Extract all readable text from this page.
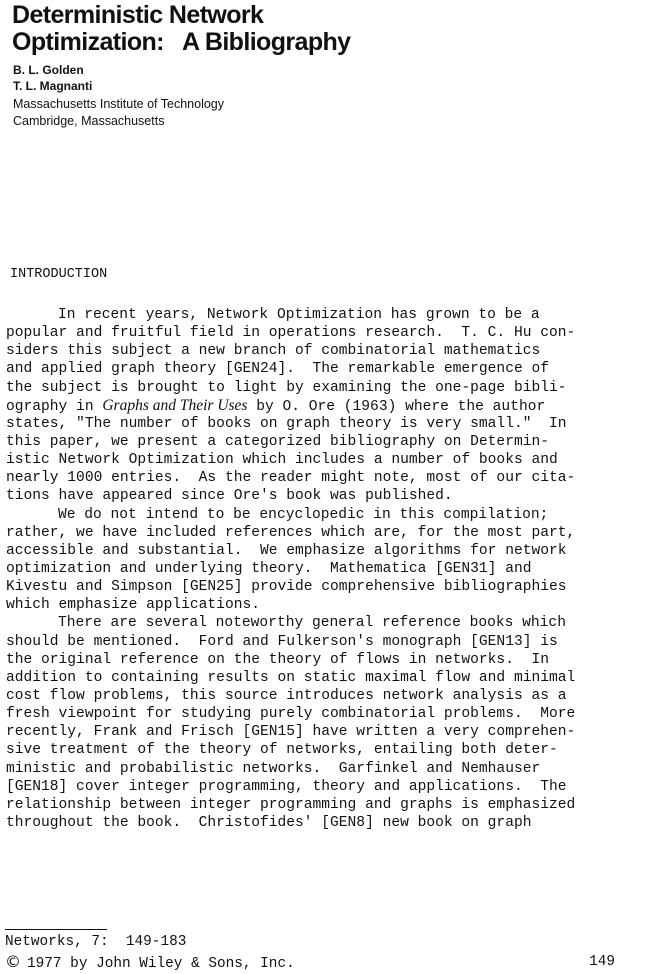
Deterministic Network
Optimization:   A Bibliography
B. L. Golden
T. L. Magnanti
Massachusetts Institute of Technology
Cambridge, Massachusetts
INTRODUCTION
In recent years, Network Optimization has grown to be a
popular and fruitful field in operations research.  T. C. Hu con-
siders this subject a new branch of combinatorial mathematics
and applied graph theory [GEN24].  The remarkable emergence of
the subject is brought to light by examining the one-page bibli-
ography in Graphs and Their Uses by O. Ore (1963) where the author
states, "The number of books on graph theory is very small."  In
this paper, we present a categorized bibliography on Determin-
istic Network Optimization which includes a number of books and
nearly 1000 entries.  As the reader might note, most of our cita-
tions have appeared since Ore's book was published.
We do not intend to be encyclopedic in this compilation;
rather, we have included references which are, for the most part,
accessible and substantial.  We emphasize algorithms for network
optimization and underlying theory.  Mathematica [GEN31] and
Kivestu and Simpson [GEN25] provide comprehensive bibliographies
which emphasize applications.
There are several noteworthy general reference books which
should be mentioned.  Ford and Fulkerson's monograph [GEN13] is
the original reference on the theory of flows in networks.  In
addition to containing results on static maximal flow and minimal
cost flow problems, this source introduces network analysis as a
fresh viewpoint for studying purely combinatorial problems.  More
recently, Frank and Frisch [GEN15] have written a very comprehen-
sive treatment of the theory of networks, entailing both deter-
ministic and probabilistic networks.  Garfinkel and Nemhauser
[GEN18] cover integer programming, theory and applications.  The
relationship between integer programming and graphs is emphasized
throughout the book.  Christofides' [GEN8] new book on graph
Networks, 7:  149-183
© 1977 by John Wiley & Sons, Inc.	149
